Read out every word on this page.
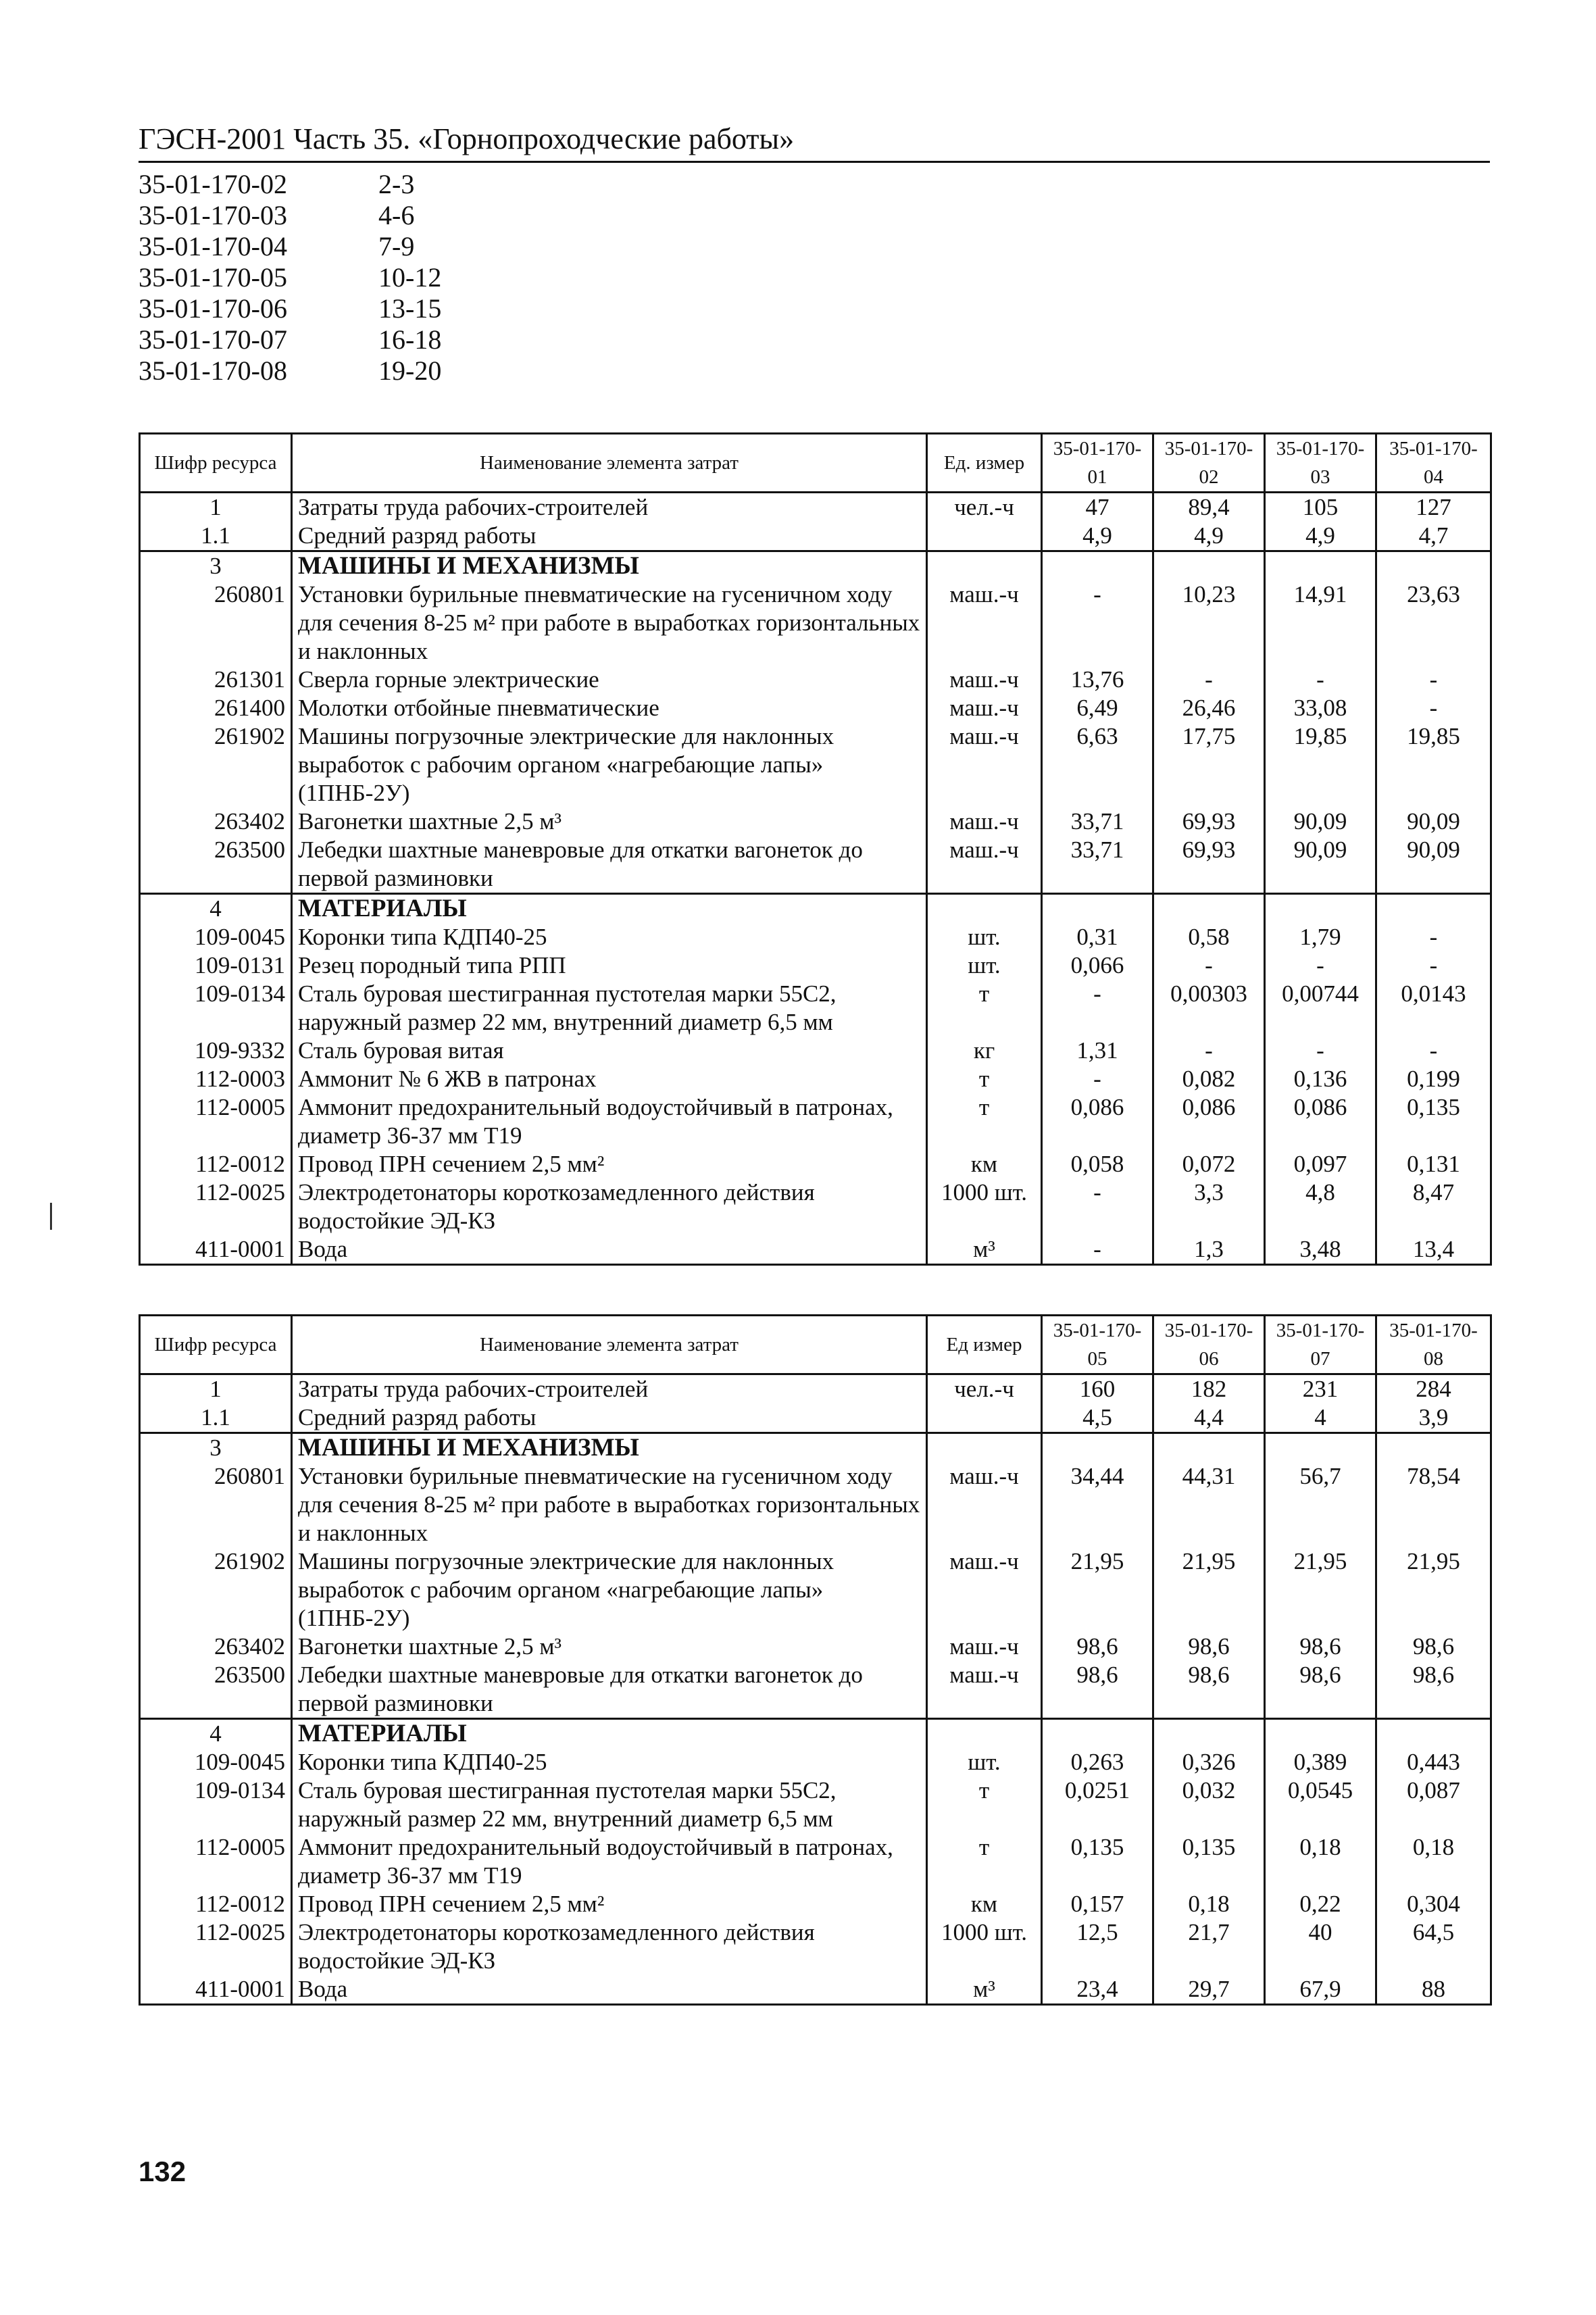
ГЭСН-2001 Часть 35. «Горнопроходческие работы»
35-01-170-02	2-3
35-01-170-03	4-6
35-01-170-04	7-9
35-01-170-05	10-12
35-01-170-06	13-15
35-01-170-07	16-18
35-01-170-08	19-20
Шифр ресурса	Наименование элемента затрат	Ед. измер	35-01-170-01	35-01-170-02	35-01-170-03	35-01-170-04
1	Затраты труда рабочих-строителей	чел.-ч	47	89,4	105	127
1.1	Средний разряд работы		4,9	4,9	4,9	4,7
3	МАШИНЫ И МЕХАНИЗМЫ					
260801	Установки бурильные пневматические на гусеничном ходу для сечения 8-25 м² при работе в выработках горизонтальных и наклонных	маш.-ч	-	10,23	14,91	23,63
261301	Сверла горные электрические	маш.-ч	13,76	-	-	-
261400	Молотки отбойные пневматические	маш.-ч	6,49	26,46	33,08	-
261902	Машины погрузочные электрические для наклонных выработок с рабочим органом «нагребающие лапы» (1ПНБ-2У)	маш.-ч	6,63	17,75	19,85	19,85
263402	Вагонетки шахтные 2,5 м³	маш.-ч	33,71	69,93	90,09	90,09
263500	Лебедки шахтные маневровые для откатки вагонеток до первой разминовки	маш.-ч	33,71	69,93	90,09	90,09
4	МАТЕРИАЛЫ					
109-0045	Коронки типа КДП40-25	шт.	0,31	0,58	1,79	-
109-0131	Резец породный типа РПП	шт.	0,066	-	-	-
109-0134	Сталь буровая шестигранная пустотелая марки 55С2, наружный размер 22 мм, внутренний диаметр 6,5 мм	т	-	0,00303	0,00744	0,0143
109-9332	Сталь буровая витая	кг	1,31	-	-	-
112-0003	Аммонит № 6 ЖВ в патронах	т	-	0,082	0,136	0,199
112-0005	Аммонит предохранительный водоустойчивый в патронах, диаметр 36-37 мм Т19	т	0,086	0,086	0,086	0,135
112-0012	Провод ПРН сечением 2,5 мм²	км	0,058	0,072	0,097	0,131
112-0025	Электродетонаторы короткозамедленного действия водостойкие ЭД-КЗ	1000 шт.	-	3,3	4,8	8,47
411-0001	Вода	м³	-	1,3	3,48	13,4
Шифр ресурса	Наименование элемента затрат	Ед измер	35-01-170-05	35-01-170-06	35-01-170-07	35-01-170-08
1	Затраты труда рабочих-строителей	чел.-ч	160	182	231	284
1.1	Средний разряд работы		4,5	4,4	4	3,9
3	МАШИНЫ И МЕХАНИЗМЫ					
260801	Установки бурильные пневматические на гусеничном ходу для сечения 8-25 м² при работе в выработках горизонтальных и наклонных	маш.-ч	34,44	44,31	56,7	78,54
261902	Машины погрузочные электрические для наклонных выработок с рабочим органом «нагребающие лапы» (1ПНБ-2У)	маш.-ч	21,95	21,95	21,95	21,95
263402	Вагонетки шахтные 2,5 м³	маш.-ч	98,6	98,6	98,6	98,6
263500	Лебедки шахтные маневровые для откатки вагонеток до первой разминовки	маш.-ч	98,6	98,6	98,6	98,6
4	МАТЕРИАЛЫ					
109-0045	Коронки типа КДП40-25	шт.	0,263	0,326	0,389	0,443
109-0134	Сталь буровая шестигранная пустотелая марки 55С2, наружный размер 22 мм, внутренний диаметр 6,5 мм	т	0,0251	0,032	0,0545	0,087
112-0005	Аммонит предохранительный водоустойчивый в патронах, диаметр 36-37 мм Т19	т	0,135	0,135	0,18	0,18
112-0012	Провод ПРН сечением 2,5 мм²	км	0,157	0,18	0,22	0,304
112-0025	Электродетонаторы короткозамедленного действия водостойкие ЭД-КЗ	1000 шт.	12,5	21,7	40	64,5
411-0001	Вода	м³	23,4	29,7	67,9	88
132
